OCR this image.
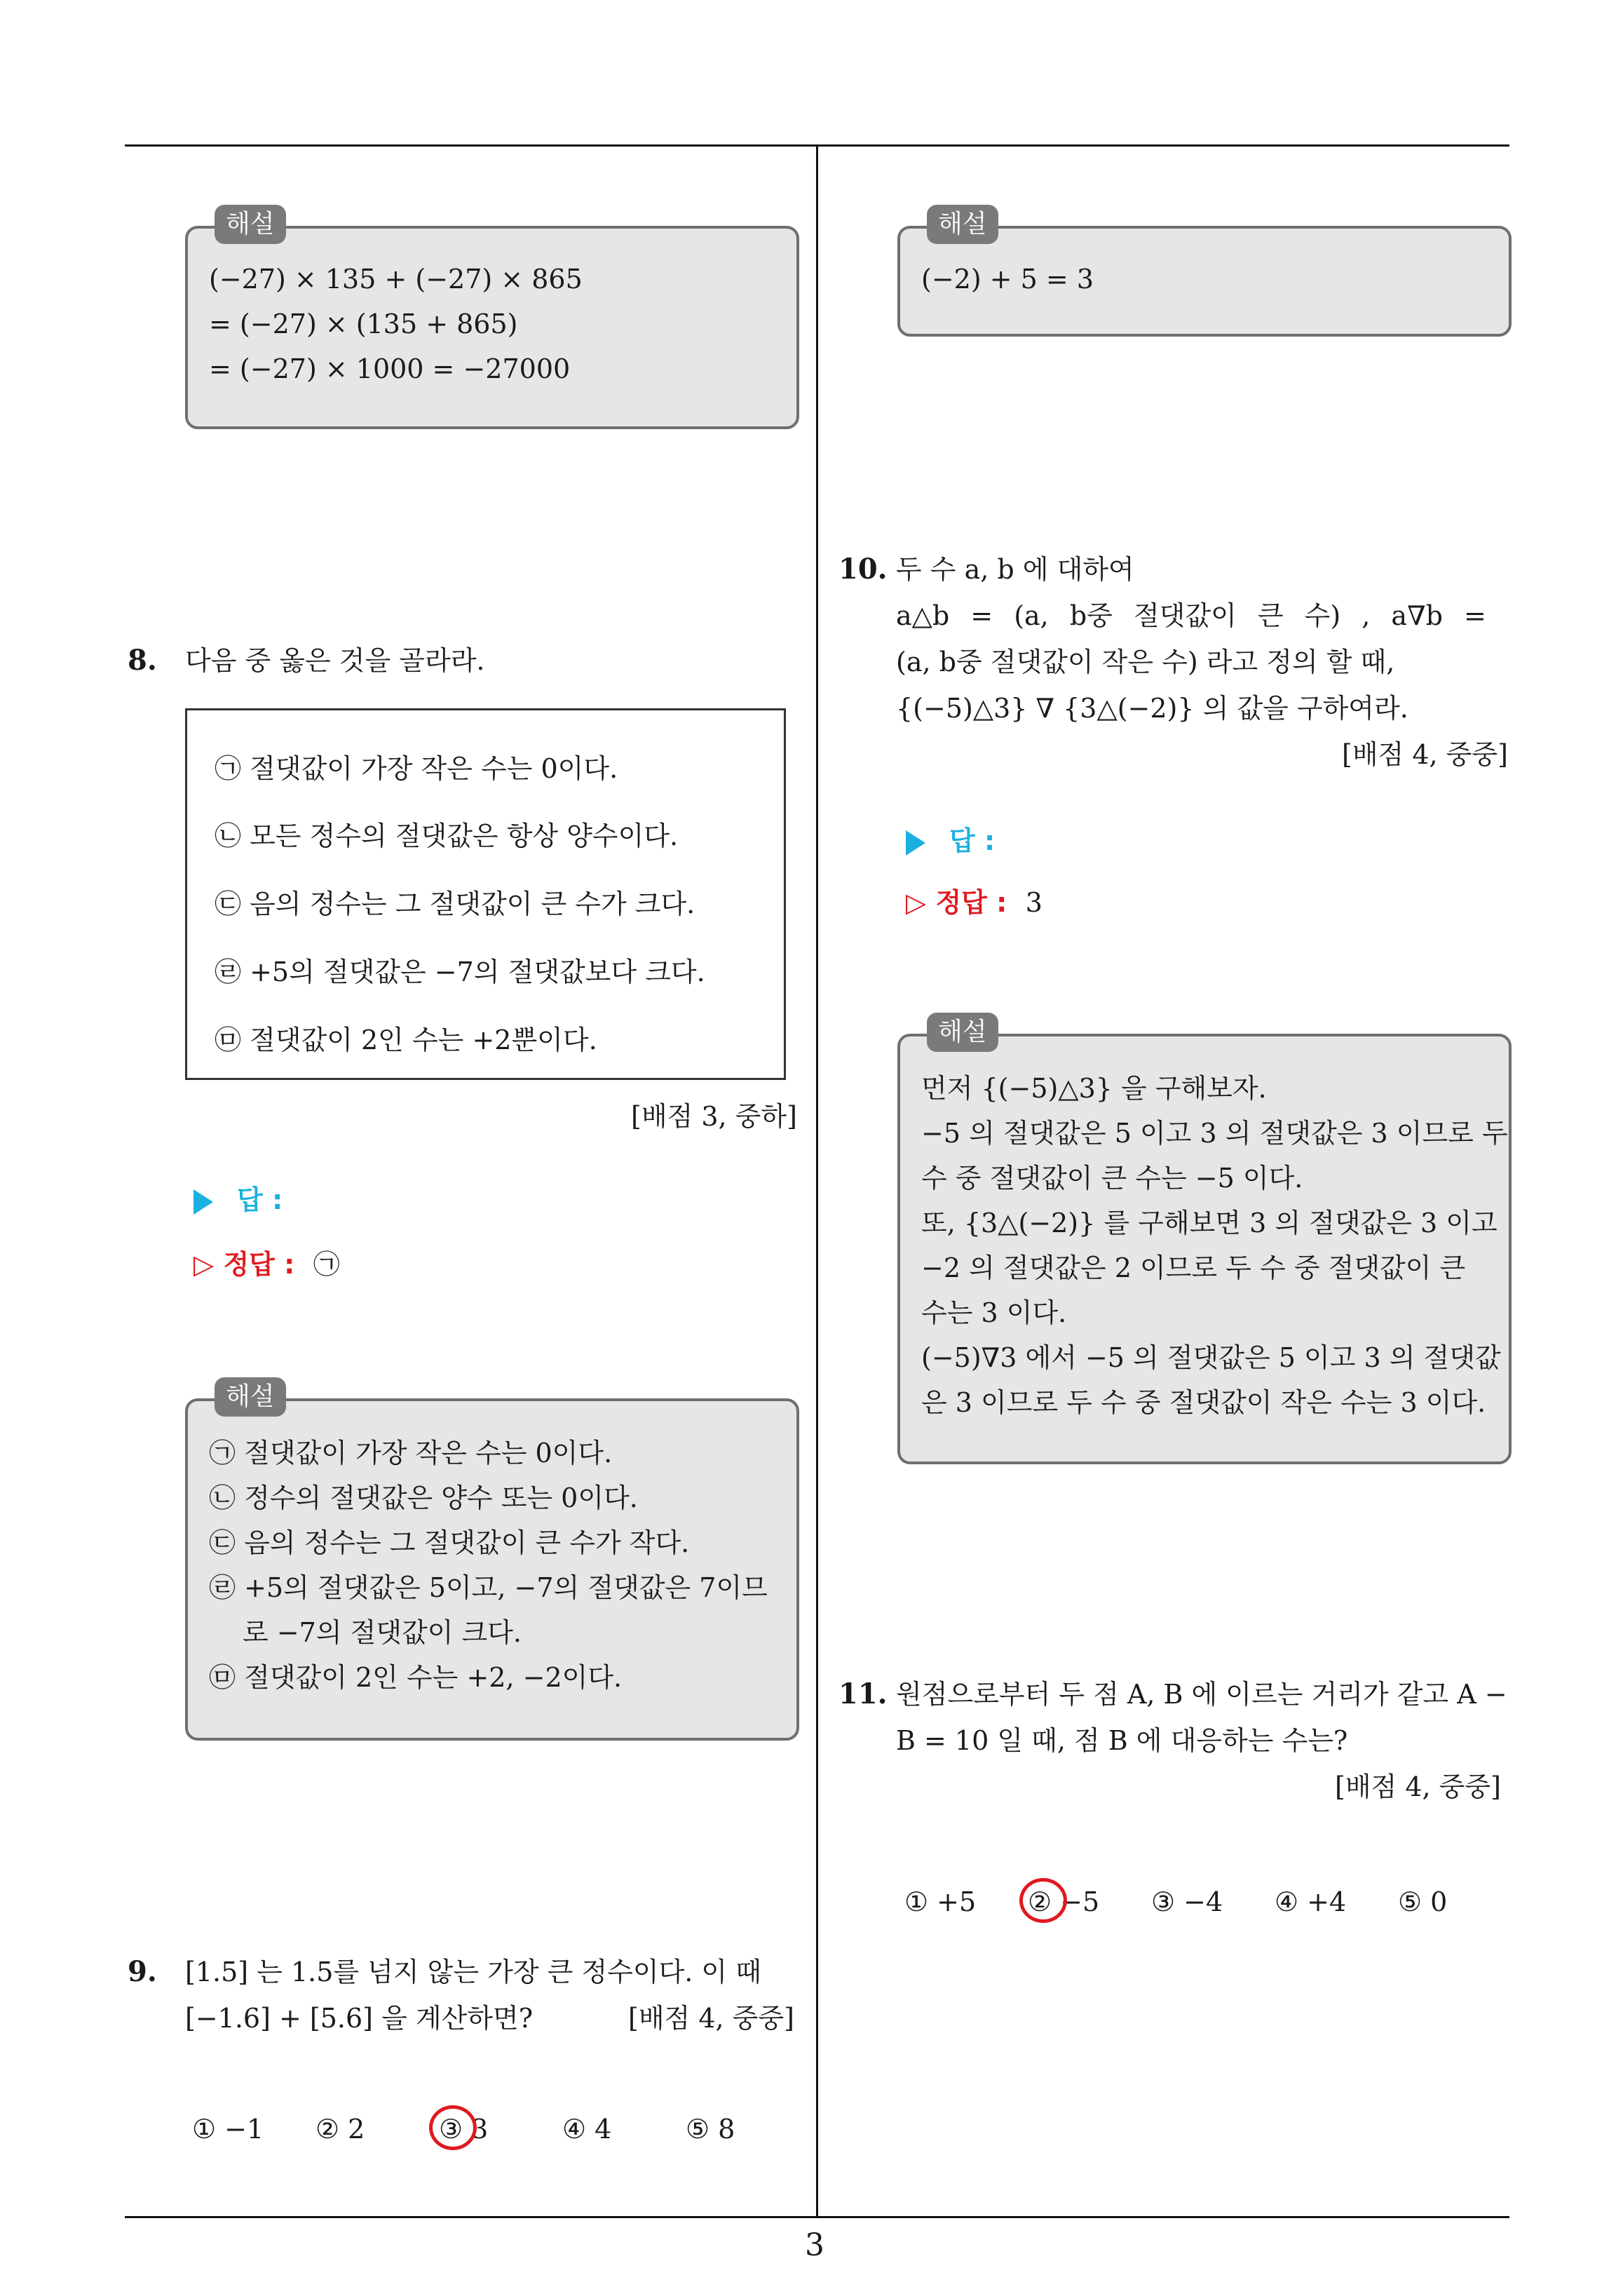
해설
(−27) × 135 + (−27) × 865
= (−27) × (135 + 865)
= (−27) × 1000 = −27000
8. 다음 중 옳은 것을 골라라.
㉠ 절댓값이 가장 작은 수는 0이다.
㉡ 모든 정수의 절댓값은 항상 양수이다.
㉢ 음의 정수는 그 절댓값이 큰 수가 크다.
㉣ +5의 절댓값은 −7의 절댓값보다 크다.
㉤ 절댓값이 2인 수는 +2뿐이다.
[배점 3, 중하]
답 :
▷ 정답 : ㉠
해설
㉠ 절댓값이 가장 작은 수는 0이다.
㉡ 정수의 절댓값은 양수 또는 0이다.
㉢ 음의 정수는 그 절댓값이 큰 수가 작다.
㉣ +5의 절댓값은 5이고, −7의 절댓값은 7이므
로 −7의 절댓값이 크다.
㉤ 절댓값이 2인 수는 +2, −2이다.
9. [1.5] 는 1.5를 넘지 않는 가장 큰 정수이다. 이 때
[−1.6] + [5.6] 을 계산하면?	[배점 4, 중중]
① −1 ② 2	③ 3	④ 4	⑤ 8
해설
(−2) + 5 = 3
10. 두 수 a, b 에 대하여
a△b = (a, b중 절댓값이 큰 수) , a∇b =
(a, b중 절댓값이 작은 수) 라고 정의 할 때,
{(−5)△3} ∇ {3△(−2)} 의 값을 구하여라.
[배점 4, 중중]
답 :
▷ 정답 : 3
해설
먼저 {(−5)△3} 을 구해보자.
−5 의 절댓값은 5 이고 3 의 절댓값은 3 이므로 두
수 중 절댓값이 큰 수는 −5 이다.
또, {3△(−2)} 를 구해보면 3 의 절댓값은 3 이고
−2 의 절댓값은 2 이므로 두 수 중 절댓값이 큰
수는 3 이다.
(−5)∇3 에서 −5 의 절댓값은 5 이고 3 의 절댓값
은 3 이므로 두 수 중 절댓값이 작은 수는 3 이다.
11. 원점으로부터 두 점 A, B 에 이르는 거리가 같고 A −
B = 10 일 때, 점 B 에 대응하는 수는?
[배점 4, 중중]
① +5 ② −5 ③ −4 ④ +4 ⑤ 0
3
